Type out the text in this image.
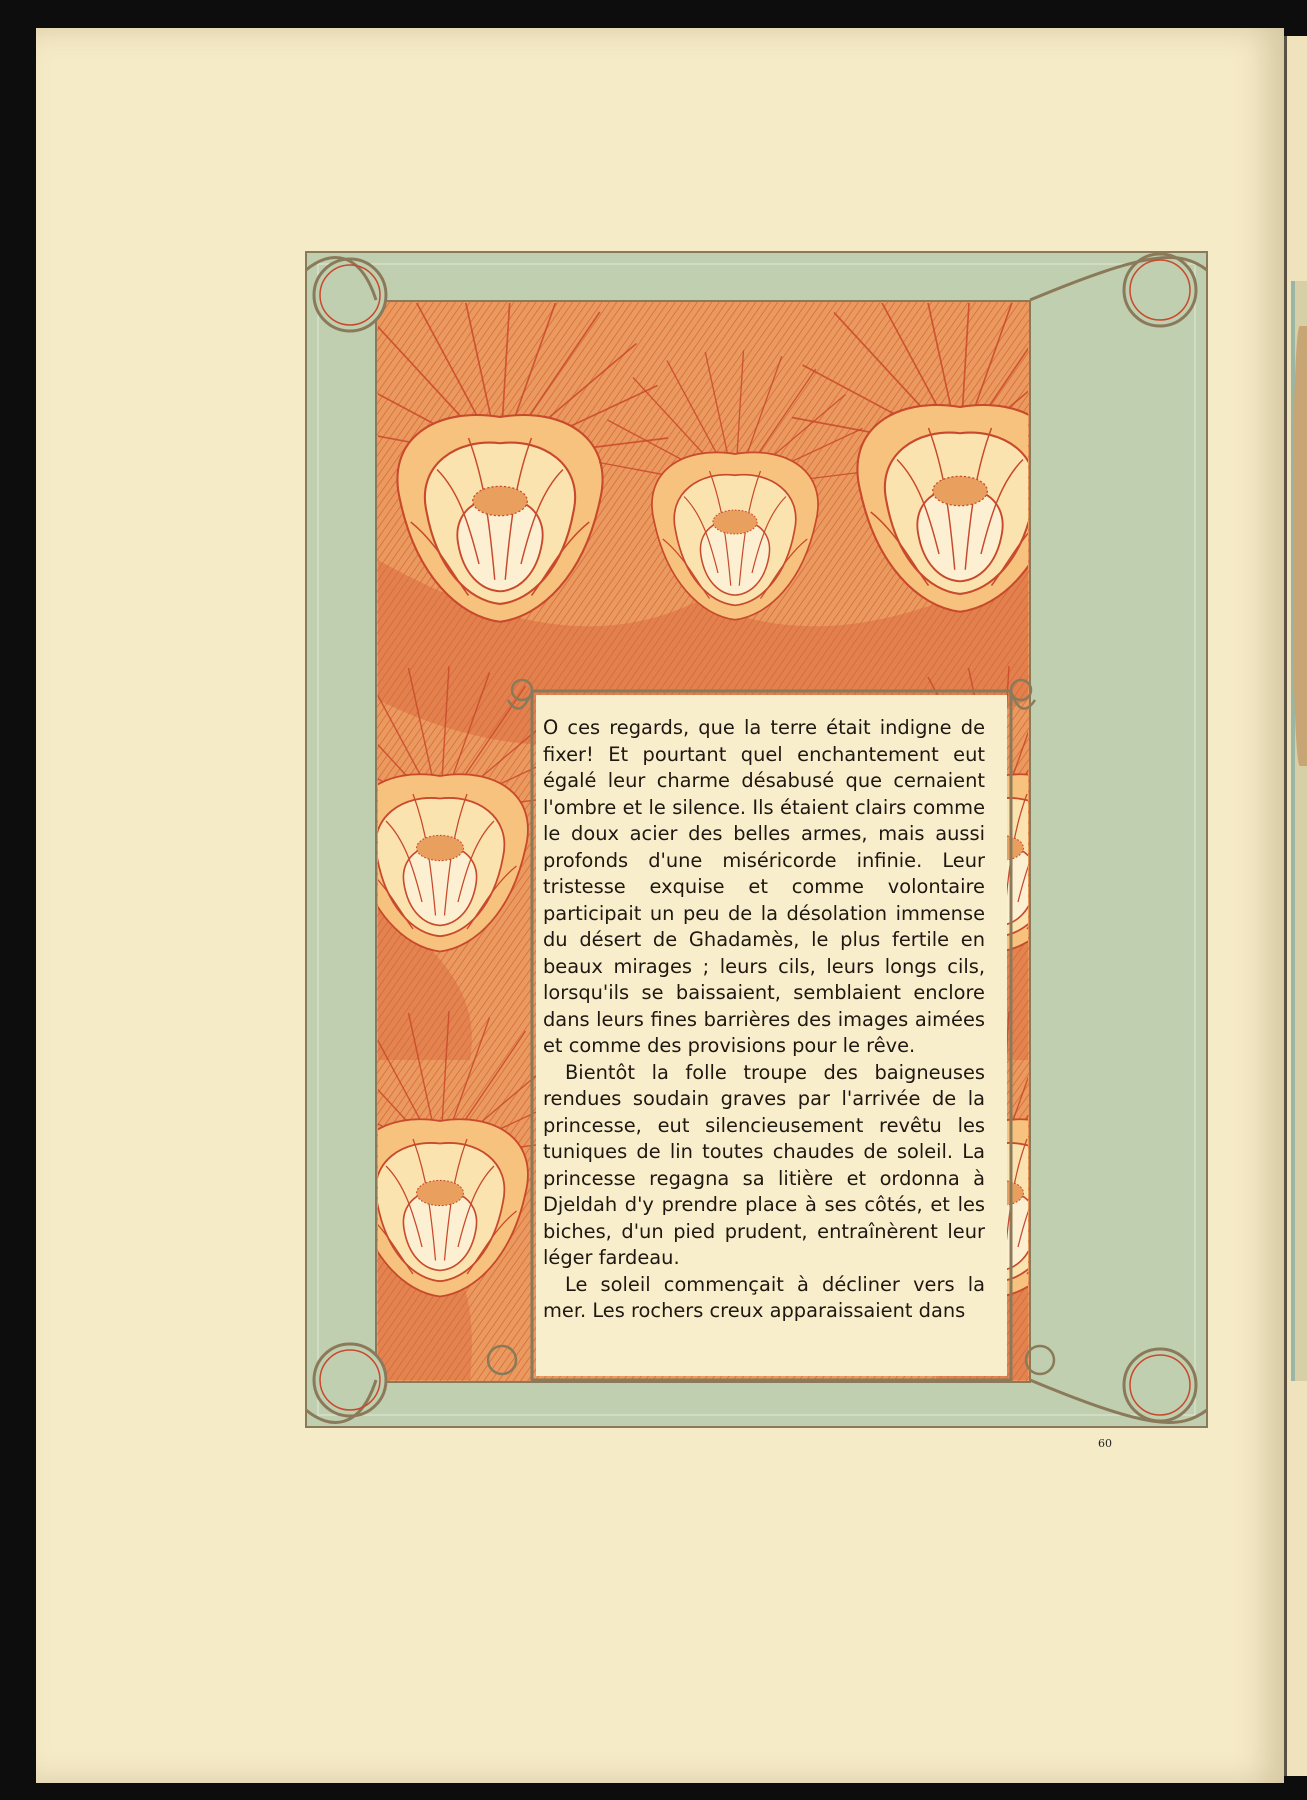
O ces regards, que la terre était indigne de fixer! Et pourtant quel enchantement eut égalé leur charme désabusé que cernaient l'ombre et le silence. Ils étaient clairs comme le doux acier des belles armes, mais aussi profonds d'une miséricorde infinie. Leur tristesse exquise et comme volontaire participait un peu de la désolation immense du désert de Ghadamès, le plus fertile en beaux mirages ; leurs cils, leurs longs cils, lorsqu'ils se baissaient, semblaient enclore dans leurs fines barrières des images aimées et comme des provisions pour le rêve.

Bientôt la folle troupe des baigneuses rendues soudain graves par l'arrivée de la princesse, eut silencieusement revêtu les tuniques de lin toutes chaudes de soleil. La princesse regagna sa litière et ordonna à Djeldah d'y prendre place à ses côtés, et les biches, d'un pied prudent, entraînèrent leur léger fardeau.

Le soleil commençait à décliner vers la mer. Les rochers creux apparaissaient dans

60
